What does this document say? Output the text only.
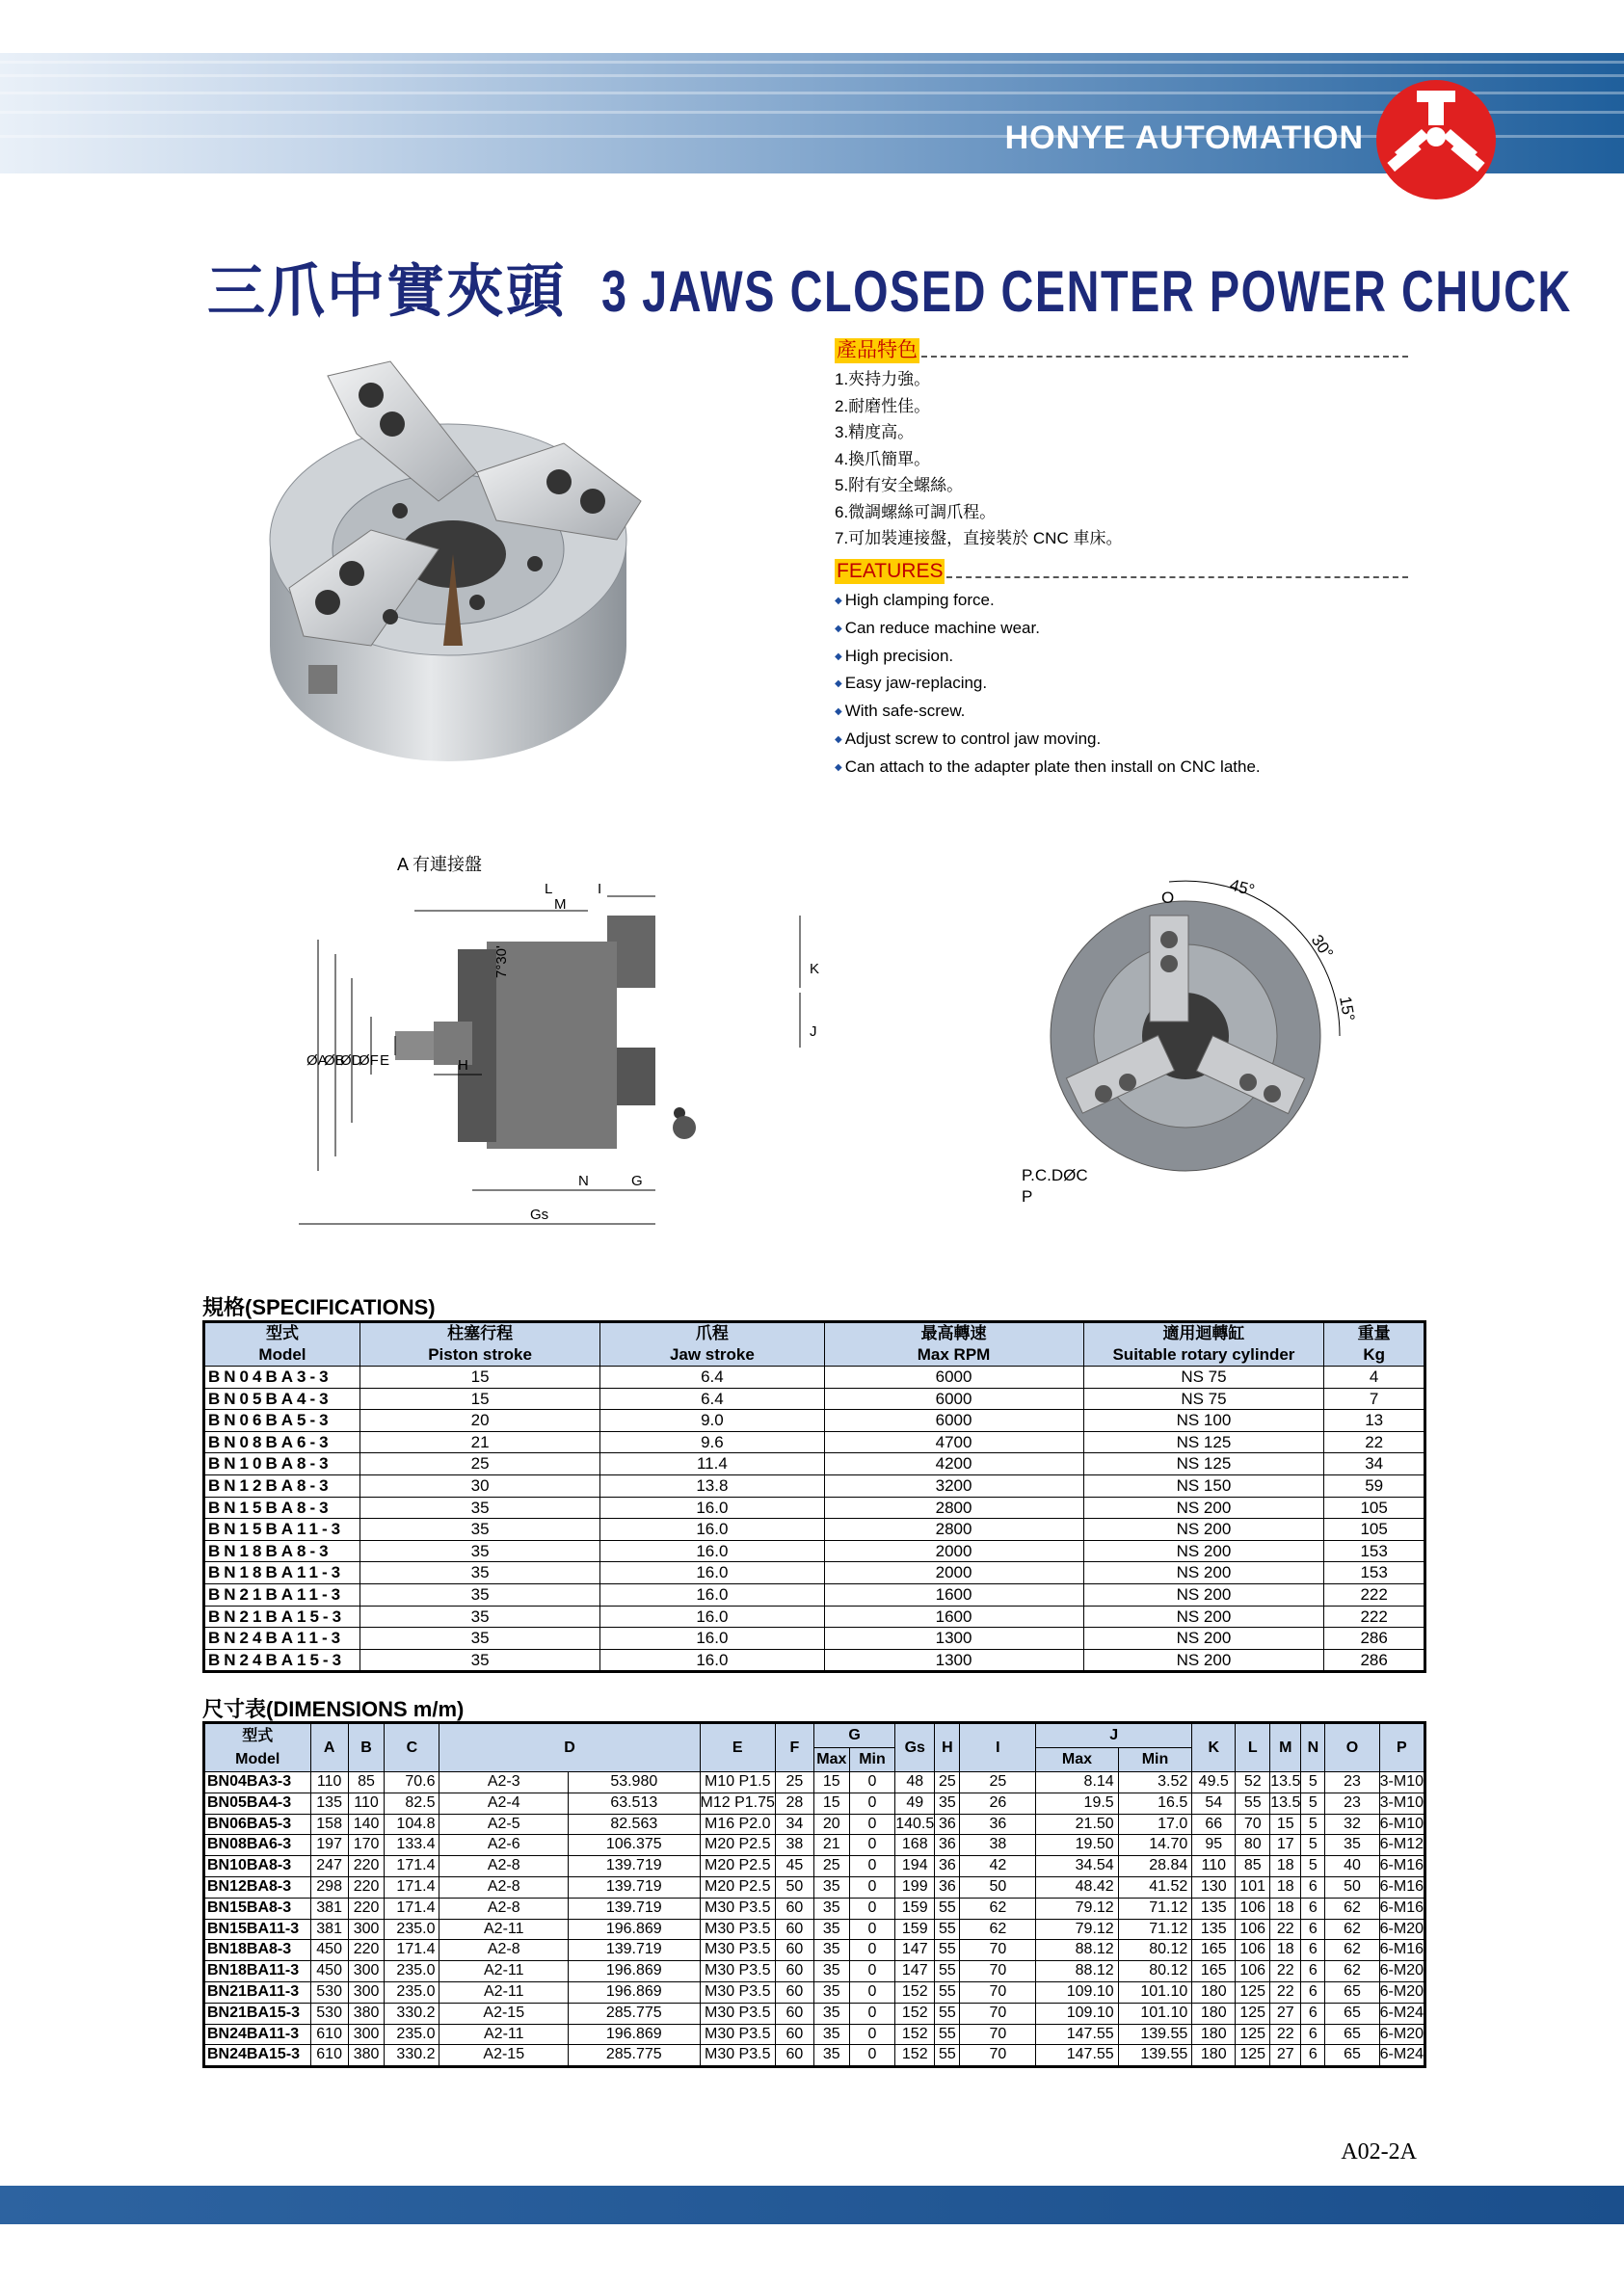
HONYE AUTOMATION
三爪中實夾頭 3 JAWS CLOSED CENTER POWER CHUCK
產品特色
1.夾持力強。
2.耐磨性佳。
3.精度高。
4.換爪簡單。
5.附有安全螺絲。
6.微調螺絲可調爪程。
7.可加裝連接盤，直接裝於 CNC 車床。
FEATURES
◆ High clamping force.
◆ Can reduce machine wear.
◆ High precision.
◆ Easy jaw-replacing.
◆ With safe-screw.
◆ Adjust screw to control jaw moving.
◆ Can attach to the adapter plate then install on CNC lathe.
A 有連接盤
L	I
M
K
J
7°30'
ØA
ØB
ØD
ØF E	H
N	G
Gs
O	45°
30°
15°
P.C.DØC
P
規格(SPECIFICATIONS)
型式
Model	柱塞行程
Piston stroke	爪程
Jaw stroke	最高轉速
Max RPM	適用迴轉缸
Suitable rotary cylinder	重量
Kg
BN04BA3-3	15	6.4	6000	NS 75	4
BN05BA4-3	15	6.4	6000	NS 75	7
BN06BA5-3	20	9.0	6000	NS 100	13
BN08BA6-3	21	9.6	4700	NS 125	22
BN10BA8-3	25	11.4	4200	NS 125	34
BN12BA8-3	30	13.8	3200	NS 150	59
BN15BA8-3	35	16.0	2800	NS 200	105
BN15BA11-3	35	16.0	2800	NS 200	105
BN18BA8-3	35	16.0	2000	NS 200	153
BN18BA11-3	35	16.0	2000	NS 200	153
BN21BA11-3	35	16.0	1600	NS 200	222
BN21BA15-3	35	16.0	1600	NS 200	222
BN24BA11-3	35	16.0	1300	NS 200	286
BN24BA15-3	35	16.0	1300	NS 200	286
尺寸表(DIMENSIONS m/m)
型式
Model	A	B	C	D		E	F	G		Gs	H	I	J		K	L	M	N	O	P
								Max	Min				Max	Min						
BN04BA3-3	110	85	70.6	A2-3	53.980	M10 P1.5	25	15	0	48	25	25	8.14	3.52	49.5	52	13.5	5	23	3-M10
BN05BA4-3	135	110	82.5	A2-4	63.513	M12 P1.75	28	15	0	49	35	26	19.5	16.5	54	55	13.5	5	23	3-M10
BN06BA5-3	158	140	104.8	A2-5	82.563	M16 P2.0	34	20	0	140.5	36	36	21.50	17.0	66	70	15	5	32	6-M10
BN08BA6-3	197	170	133.4	A2-6	106.375	M20 P2.5	38	21	0	168	36	38	19.50	14.70	95	80	17	5	35	6-M12
BN10BA8-3	247	220	171.4	A2-8	139.719	M20 P2.5	45	25	0	194	36	42	34.54	28.84	110	85	18	5	40	6-M16
BN12BA8-3	298	220	171.4	A2-8	139.719	M20 P2.5	50	35	0	199	36	50	48.42	41.52	130	101	18	6	50	6-M16
BN15BA8-3	381	220	171.4	A2-8	139.719	M30 P3.5	60	35	0	159	55	62	79.12	71.12	135	106	18	6	62	6-M16
BN15BA11-3	381	300	235.0	A2-11	196.869	M30 P3.5	60	35	0	159	55	62	79.12	71.12	135	106	22	6	62	6-M20
BN18BA8-3	450	220	171.4	A2-8	139.719	M30 P3.5	60	35	0	147	55	70	88.12	80.12	165	106	18	6	62	6-M16
BN18BA11-3	450	300	235.0	A2-11	196.869	M30 P3.5	60	35	0	147	55	70	88.12	80.12	165	106	22	6	62	6-M20
BN21BA11-3	530	300	235.0	A2-11	196.869	M30 P3.5	60	35	0	152	55	70	109.10	101.10	180	125	22	6	65	6-M20
BN21BA15-3	530	380	330.2	A2-15	285.775	M30 P3.5	60	35	0	152	55	70	109.10	101.10	180	125	27	6	65	6-M24
BN24BA11-3	610	300	235.0	A2-11	196.869	M30 P3.5	60	35	0	152	55	70	147.55	139.55	180	125	22	6	65	6-M20
BN24BA15-3	610	380	330.2	A2-15	285.775	M30 P3.5	60	35	0	152	55	70	147.55	139.55	180	125	27	6	65	6-M24
A02-2A
